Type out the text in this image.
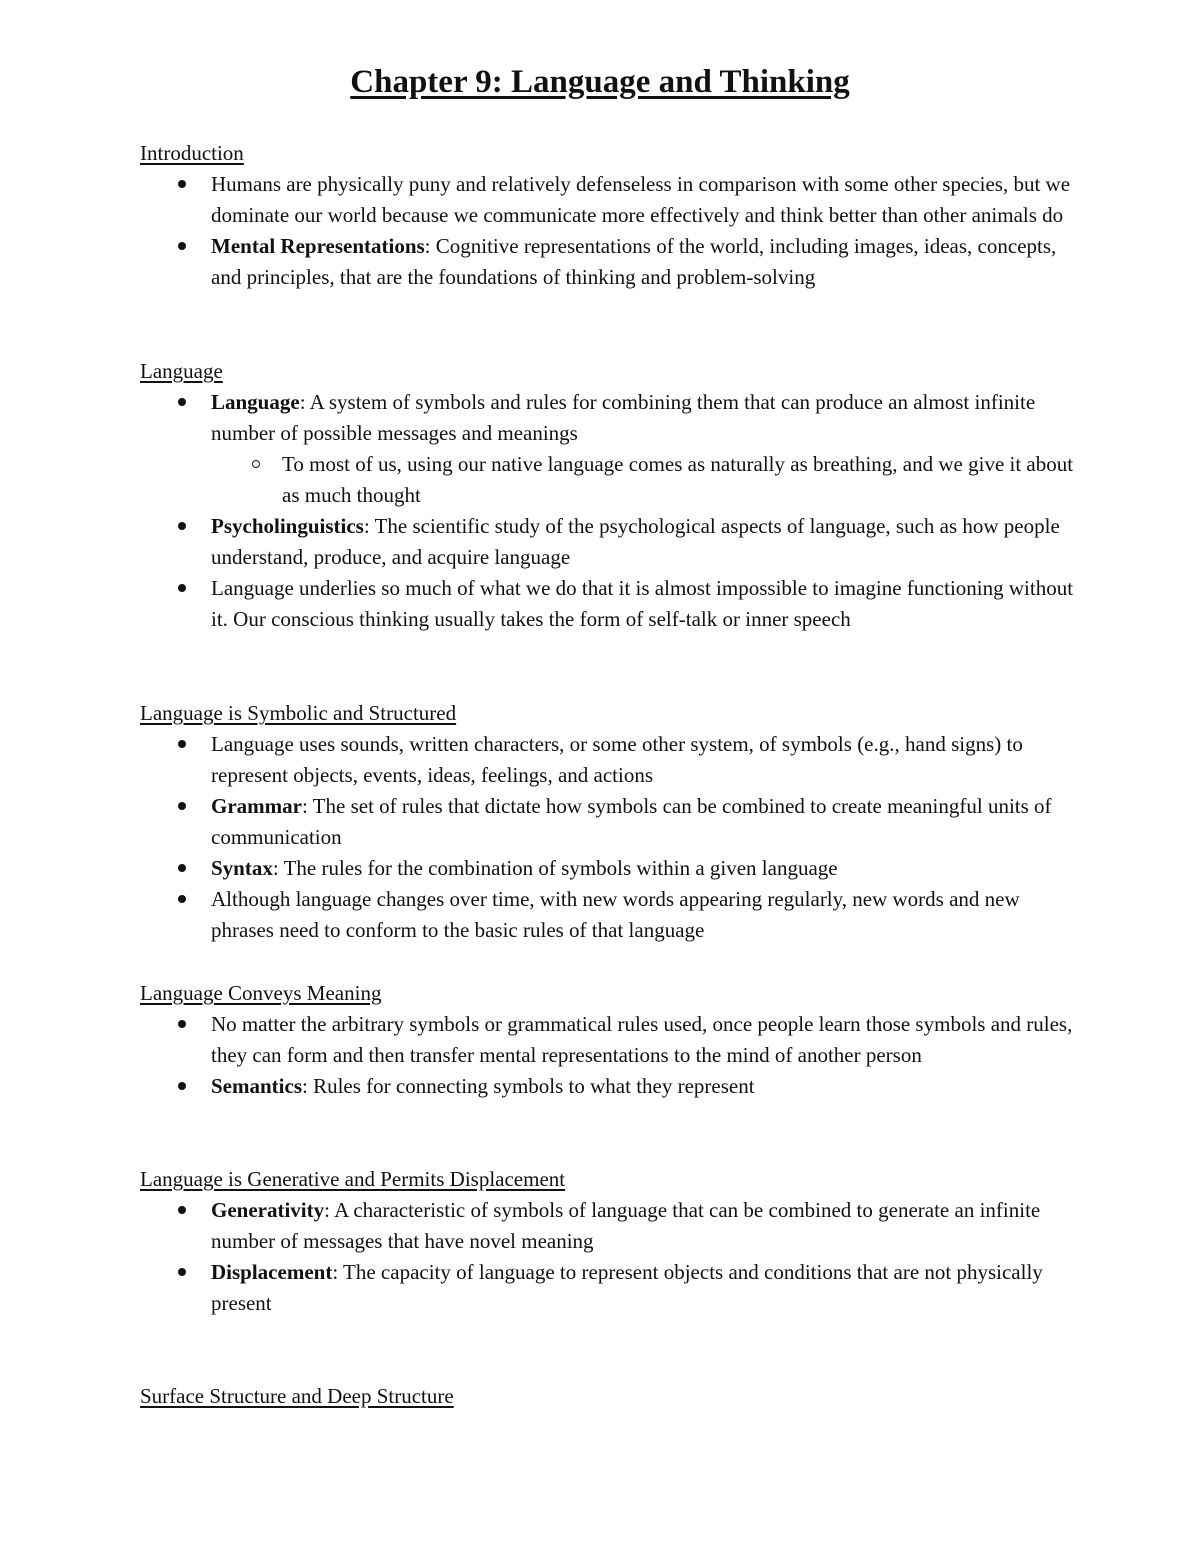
Chapter 9: Language and Thinking
Introduction
Humans are physically puny and relatively defenseless in comparison with some other species, but we dominate our world because we communicate more effectively and think better than other animals do
Mental Representations: Cognitive representations of the world, including images, ideas, concepts, and principles, that are the foundations of thinking and problem-solving
Language
Language: A system of symbols and rules for combining them that can produce an almost infinite number of possible messages and meanings
To most of us, using our native language comes as naturally as breathing, and we give it about as much thought
Psycholinguistics: The scientific study of the psychological aspects of language, such as how people understand, produce, and acquire language
Language underlies so much of what we do that it is almost impossible to imagine functioning without it. Our conscious thinking usually takes the form of self-talk or inner speech
Language is Symbolic and Structured
Language uses sounds, written characters, or some other system, of symbols (e.g., hand signs) to represent objects, events, ideas, feelings, and actions
Grammar: The set of rules that dictate how symbols can be combined to create meaningful units of communication
Syntax: The rules for the combination of symbols within a given language
Although language changes over time, with new words appearing regularly, new words and new phrases need to conform to the basic rules of that language
Language Conveys Meaning
No matter the arbitrary symbols or grammatical rules used, once people learn those symbols and rules, they can form and then transfer mental representations to the mind of another person
Semantics: Rules for connecting symbols to what they represent
Language is Generative and Permits Displacement
Generativity: A characteristic of symbols of language that can be combined to generate an infinite number of messages that have novel meaning
Displacement: The capacity of language to represent objects and conditions that are not physically present
Surface Structure and Deep Structure
